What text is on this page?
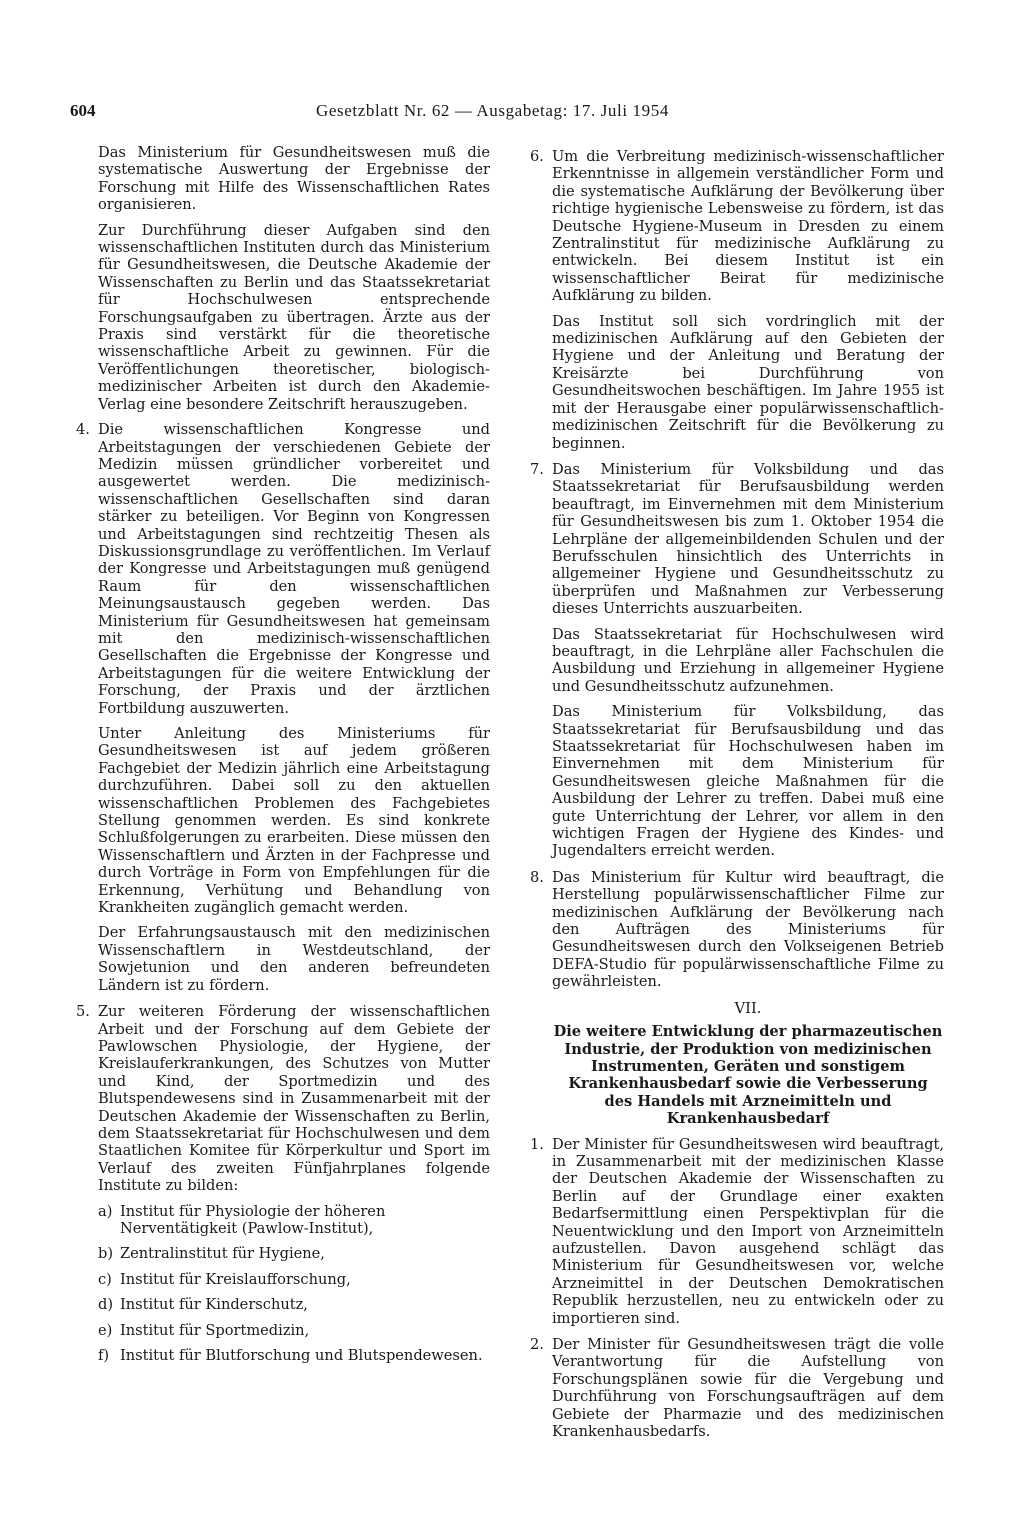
604	Gesetzblatt Nr. 62 — Ausgabetag: 17. Juli 1954

Das Ministerium für Gesundheitswesen muß die systematische Auswertung der Ergebnisse der Forschung mit Hilfe des Wissenschaftlichen Rates organisieren.

Zur Durchführung dieser Aufgaben sind den wissenschaftlichen Instituten durch das Ministerium für Gesundheitswesen, die Deutsche Akademie der Wissenschaften zu Berlin und das Staatssekretariat für Hochschulwesen entsprechende Forschungsaufgaben zu übertragen. Ärzte aus der Praxis sind verstärkt für die theoretische wissenschaftliche Arbeit zu gewinnen. Für die Veröffentlichungen theoretischer, biologisch-medizinischer Arbeiten ist durch den Akademie-Verlag eine besondere Zeitschrift herauszugeben.

4. Die wissenschaftlichen Kongresse und Arbeitstagungen der verschiedenen Gebiete der Medizin müssen gründlicher vorbereitet und ausgewertet werden. Die medizinisch-wissenschaftlichen Gesellschaften sind daran stärker zu beteiligen. Vor Beginn von Kongressen und Arbeitstagungen sind rechtzeitig Thesen als Diskussionsgrundlage zu veröffentlichen. Im Verlauf der Kongresse und Arbeitstagungen muß genügend Raum für den wissenschaftlichen Meinungsaustausch gegeben werden. Das Ministerium für Gesundheitswesen hat gemeinsam mit den medizinisch-wissenschaftlichen Gesellschaften die Ergebnisse der Kongresse und Arbeitstagungen für die weitere Entwicklung der Forschung, der Praxis und der ärztlichen Fortbildung auszuwerten.

Unter Anleitung des Ministeriums für Gesundheitswesen ist auf jedem größeren Fachgebiet der Medizin jährlich eine Arbeitstagung durchzuführen. Dabei soll zu den aktuellen wissenschaftlichen Problemen des Fachgebietes Stellung genommen werden. Es sind konkrete Schlußfolgerungen zu erarbeiten. Diese müssen den Wissenschaftlern und Ärzten in der Fachpresse und durch Vorträge in Form von Empfehlungen für die Erkennung, Verhütung und Behandlung von Krankheiten zugänglich gemacht werden.

Der Erfahrungsaustausch mit den medizinischen Wissenschaftlern in Westdeutschland, der Sowjetunion und den anderen befreundeten Ländern ist zu fördern.

5. Zur weiteren Förderung der wissenschaftlichen Arbeit und der Forschung auf dem Gebiete der Pawlowschen Physiologie, der Hygiene, der Kreislauferkrankungen, des Schutzes von Mutter und Kind, der Sportmedizin und des Blutspendewesens sind in Zusammenarbeit mit der Deutschen Akademie der Wissenschaften zu Berlin, dem Staatssekretariat für Hochschulwesen und dem Staatlichen Komitee für Körperkultur und Sport im Verlauf des zweiten Fünfjahrplanes folgende Institute zu bilden:

a) Institut für Physiologie der höheren Nerventätigkeit (Pawlow-Institut),
b) Zentralinstitut für Hygiene,
c) Institut für Kreislaufforschung,
d) Institut für Kinderschutz,
e) Institut für Sportmedizin,
f) Institut für Blutforschung und Blutspendewesen.
6. Um die Verbreitung medizinisch-wissenschaftlicher Erkenntnisse in allgemein verständlicher Form und die systematische Aufklärung der Bevölkerung über richtige hygienische Lebensweise zu fördern, ist das Deutsche Hygiene-Museum in Dresden zu einem Zentralinstitut für medizinische Aufklärung zu entwickeln. Bei diesem Institut ist ein wissenschaftlicher Beirat für medizinische Aufklärung zu bilden.

Das Institut soll sich vordringlich mit der medizinischen Aufklärung auf den Gebieten der Hygiene und der Anleitung und Beratung der Kreisärzte bei Durchführung von Gesundheitswochen beschäftigen. Im Jahre 1955 ist mit der Herausgabe einer populärwissenschaftlich-medizinischen Zeitschrift für die Bevölkerung zu beginnen.

7. Das Ministerium für Volksbildung und das Staatssekretariat für Berufsausbildung werden beauftragt, im Einvernehmen mit dem Ministerium für Gesundheitswesen bis zum 1. Oktober 1954 die Lehrpläne der allgemeinbildenden Schulen und der Berufsschulen hinsichtlich des Unterrichts in allgemeiner Hygiene und Gesundheitsschutz zu überprüfen und Maßnahmen zur Verbesserung dieses Unterrichts auszuarbeiten.

Das Staatssekretariat für Hochschulwesen wird beauftragt, in die Lehrpläne aller Fachschulen die Ausbildung und Erziehung in allgemeiner Hygiene und Gesundheitsschutz aufzunehmen.

Das Ministerium für Volksbildung, das Staatssekretariat für Berufsausbildung und das Staatssekretariat für Hochschulwesen haben im Einvernehmen mit dem Ministerium für Gesundheitswesen gleiche Maßnahmen für die Ausbildung der Lehrer zu treffen. Dabei muß eine gute Unterrichtung der Lehrer, vor allem in den wichtigen Fragen der Hygiene des Kindes- und Jugendalters erreicht werden.

8. Das Ministerium für Kultur wird beauftragt, die Herstellung populärwissenschaftlicher Filme zur medizinischen Aufklärung der Bevölkerung nach den Aufträgen des Ministeriums für Gesundheitswesen durch den Volkseigenen Betrieb DEFA-Studio für populärwissenschaftliche Filme zu gewährleisten.

VII.
Die weitere Entwicklung der pharmazeutischen Industrie, der Produktion von medizinischen Instrumenten, Geräten und sonstigem Krankenhausbedarf sowie die Verbesserung des Handels mit Arzneimitteln und Krankenhausbedarf
1. Der Minister für Gesundheitswesen wird beauftragt, in Zusammenarbeit mit der medizinischen Klasse der Deutschen Akademie der Wissenschaften zu Berlin auf der Grundlage einer exakten Bedarfsermittlung einen Perspektivplan für die Neuentwicklung und den Import von Arzneimitteln aufzustellen. Davon ausgehend schlägt das Ministerium für Gesundheitswesen vor, welche Arzneimittel in der Deutschen Demokratischen Republik herzustellen, neu zu entwickeln oder zu importieren sind.

2. Der Minister für Gesundheitswesen trägt die volle Verantwortung für die Aufstellung von Forschungsplänen sowie für die Vergebung und Durchführung von Forschungsaufträgen auf dem Gebiete der Pharmazie und des medizinischen Krankenhausbedarfs.
